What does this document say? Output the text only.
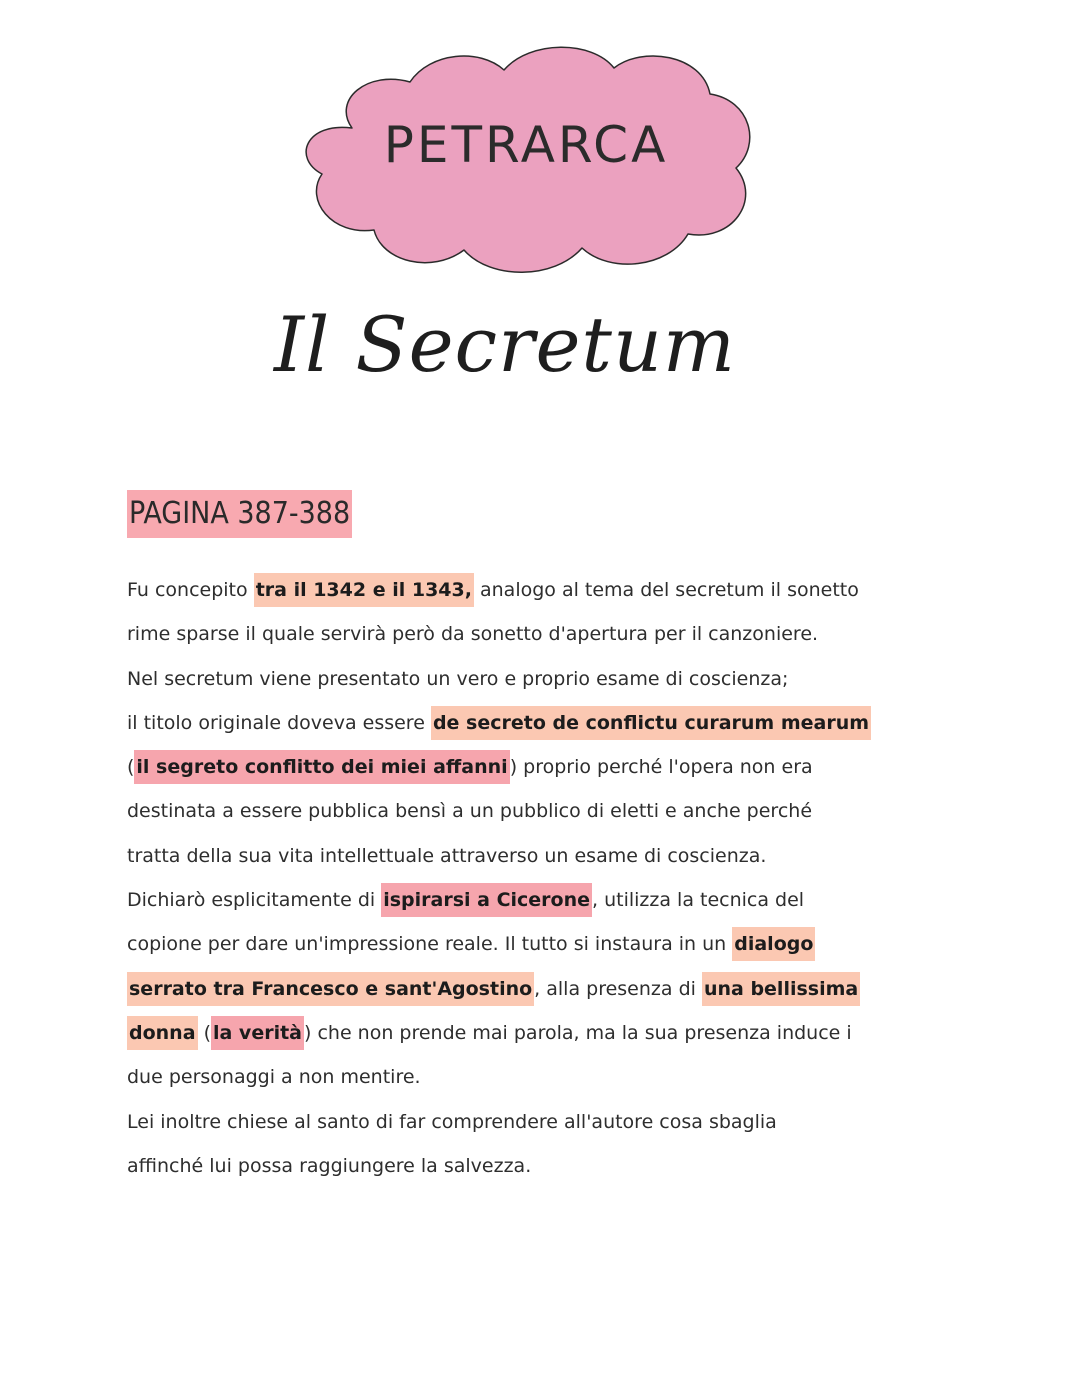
PETRARCA
Il Secretum
PAGINA 387-388
Fu concepito tra il 1342 e il 1343, analogo al tema del secretum il sonetto
rime sparse il quale servirà però da sonetto d'apertura per il canzoniere.
Nel secretum viene presentato un vero e proprio esame di coscienza;
il titolo originale doveva essere de secreto de conflictu curarum mearum
( il segreto conflitto dei miei affanni ) proprio perché l'opera non era
destinata a essere pubblica bensì a un pubblico di eletti e anche perché
tratta della sua vita intellettuale attraverso un esame di coscienza.
Dichiarò esplicitamente di ispirarsi a Cicerone , utilizza la tecnica del
copione per dare un'impressione reale. Il tutto si instaura in un dialogo
serrato tra Francesco e sant'Agostino , alla presenza di una bellissima
donna ( la verità ) che non prende mai parola, ma la sua presenza induce i
due personaggi a non mentire.
Lei inoltre chiese al santo di far comprendere all'autore cosa sbaglia
affinché lui possa raggiungere la salvezza.
